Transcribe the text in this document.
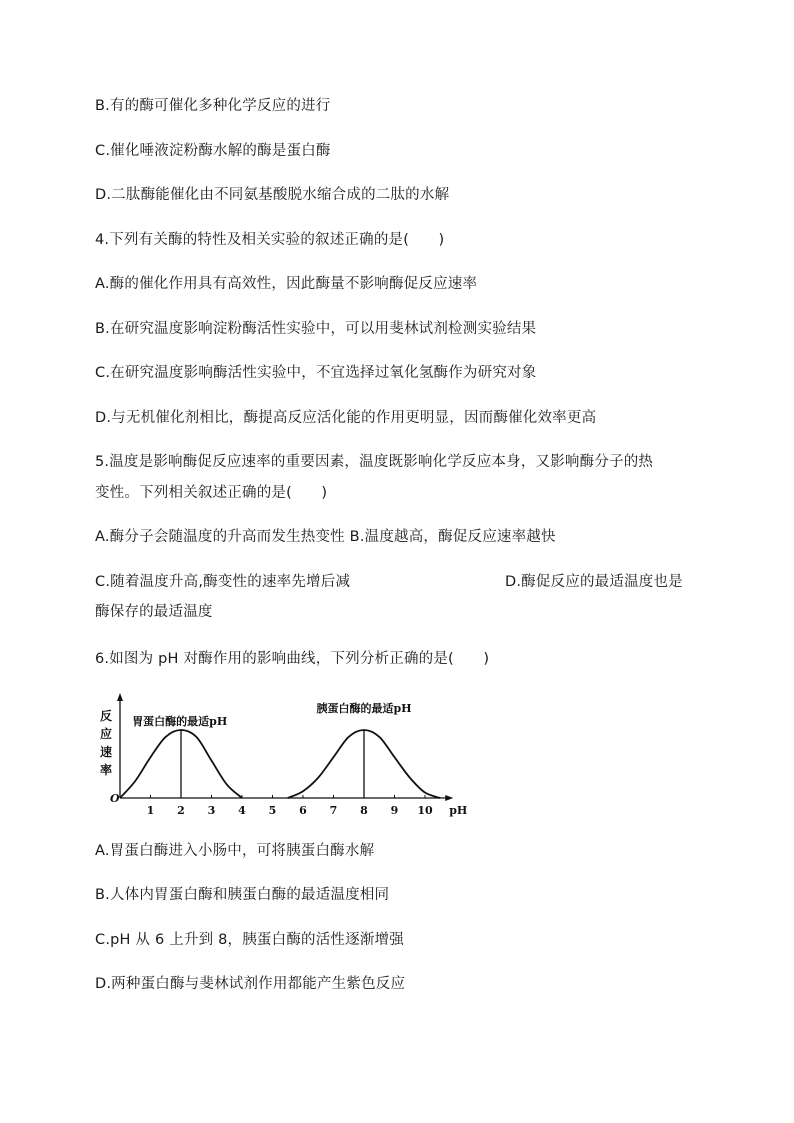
B.有的酶可催化多种化学反应的进行
C.催化唾液淀粉酶水解的酶是蛋白酶
D.二肽酶能催化由不同氨基酸脱水缩合成的二肽的水解
4.下列有关酶的特性及相关实验的叙述正确的是(　　)
A.酶的催化作用具有高效性，因此酶量不影响酶促反应速率
B.在研究温度影响淀粉酶活性实验中，可以用斐林试剂检测实验结果
C.在研究温度影响酶活性实验中，不宜选择过氧化氢酶作为研究对象
D.与无机催化剂相比，酶提高反应活化能的作用更明显，因而酶催化效率更高
5.温度是影响酶促反应速率的重要因素，温度既影响化学反应本身，又影响酶分子的热
变性。下列相关叙述正确的是(　　)
A.酶分子会随温度的升高而发生热变性 B.温度越高，酶促反应速率越快
C.随着温度升高,酶变性的速率先增后减	D.酶促反应的最适温度也是
酶保存的最适温度
6.如图为 pH 对酶作用的影响曲线，下列分析正确的是(　　)
O
反
应
速
率
1 2 3 4 5 6 7 8 9 10 pH
胃蛋白酶的最适pH
胰蛋白酶的最适pH
A.胃蛋白酶进入小肠中，可将胰蛋白酶水解
B.人体内胃蛋白酶和胰蛋白酶的最适温度相同
C.pH 从 6 上升到 8，胰蛋白酶的活性逐渐增强
D.两种蛋白酶与斐林试剂作用都能产生紫色反应
